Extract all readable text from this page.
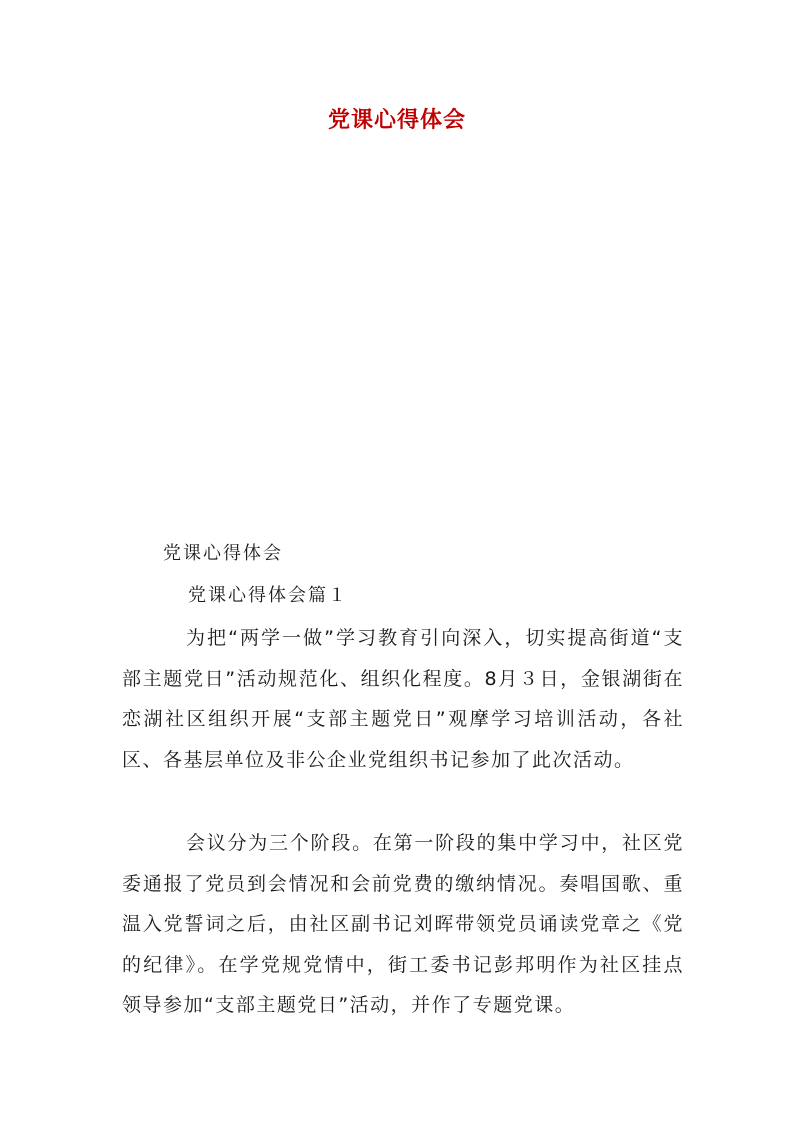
党课心得体会
党课心得体会
党课心得体会篇１

为把“两学一做”学习教育引向深入，切实提高街道“支部主题党日”活动规范化、组织化程度。8月３日，金银湖街在恋湖社区组织开展“支部主题党日”观摩学习培训活动，各社区、各基层单位及非公企业党组织书记参加了此次活动。

会议分为三个阶段。在第一阶段的集中学习中，社区党委通报了党员到会情况和会前党费的缴纳情况。奏唱国歌、重温入党誓词之后，由社区副书记刘晖带领党员诵读党章之《党的纪律》。在学党规党情中，街工委书记彭邦明作为社区挂点领导参加“支部主题党日”活动，并作了专题党课。
